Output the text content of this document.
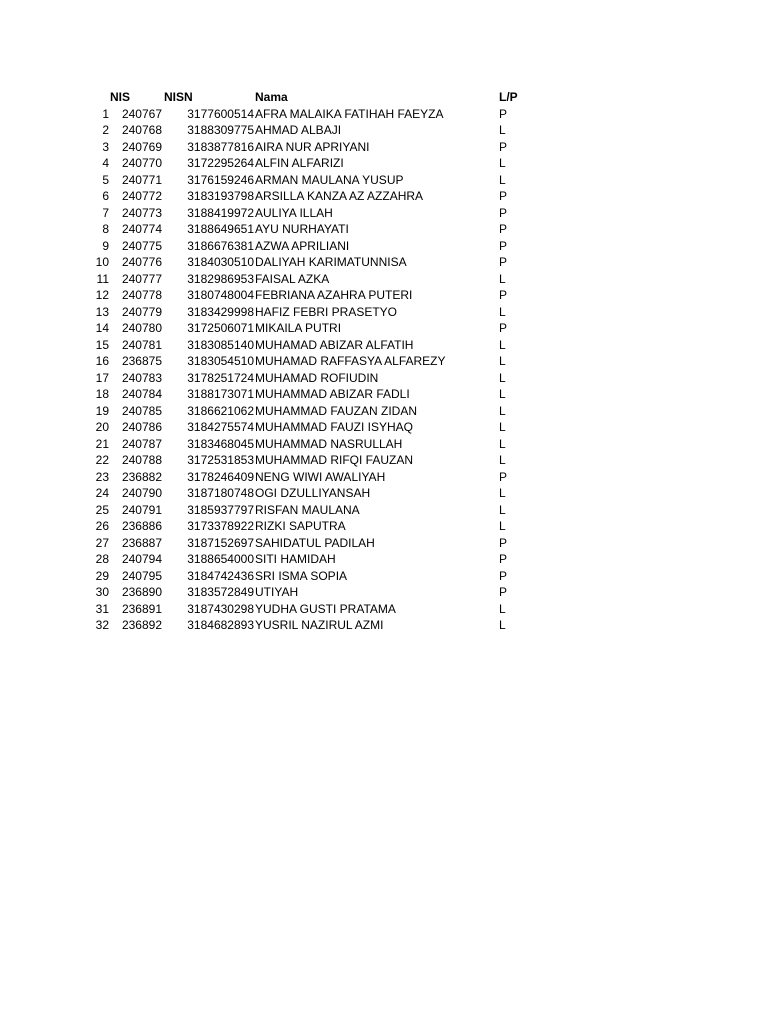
NIS	NISN	Nama	L/P
1	240767	3177600514 AFRA MALAIKA FATIHAH FAEYZA	P
2	240768	3188309775 AHMAD ALBAJI	L
3	240769	3183877816 AIRA NUR APRIYANI	P
4	240770	3172295264 ALFIN ALFARIZI	L
5	240771	3176159246 ARMAN MAULANA YUSUP	L
6	240772	3183193798 ARSILLA KANZA AZ AZZAHRA	P
7	240773	3188419972 AULIYA ILLAH	P
8	240774	3188649651 AYU NURHAYATI	P
9	240775	3186676381 AZWA APRILIANI	P
10	240776	3184030510 DALIYAH KARIMATUNNISA	P
11	240777	3182986953 FAISAL AZKA	L
12	240778	3180748004 FEBRIANA AZAHRA PUTERI	P
13	240779	3183429998 HAFIZ FEBRI PRASETYO	L
14	240780	3172506071 MIKAILA PUTRI	P
15	240781	3183085140 MUHAMAD ABIZAR ALFATIH	L
16	236875	3183054510 MUHAMAD RAFFASYA ALFAREZY	L
17	240783	3178251724 MUHAMAD ROFIUDIN	L
18	240784	3188173071 MUHAMMAD ABIZAR FADLI	L
19	240785	3186621062 MUHAMMAD FAUZAN ZIDAN	L
20	240786	3184275574 MUHAMMAD FAUZI ISYHAQ	L
21	240787	3183468045 MUHAMMAD NASRULLAH	L
22	240788	3172531853 MUHAMMAD RIFQI FAUZAN	L
23	236882	3178246409 NENG WIWI AWALIYAH	P
24	240790	3187180748 OGI DZULLIYANSAH	L
25	240791	3185937797 RISFAN MAULANA	L
26	236886	3173378922 RIZKI SAPUTRA	L
27	236887	3187152697 SAHIDATUL PADILAH	P
28	240794	3188654000 SITI HAMIDAH	P
29	240795	3184742436 SRI ISMA SOPIA	P
30	236890	3183572849 UTIYAH	P
31	236891	3187430298 YUDHA GUSTI PRATAMA	L
32	236892	3184682893 YUSRIL NAZIRUL AZMI	L
